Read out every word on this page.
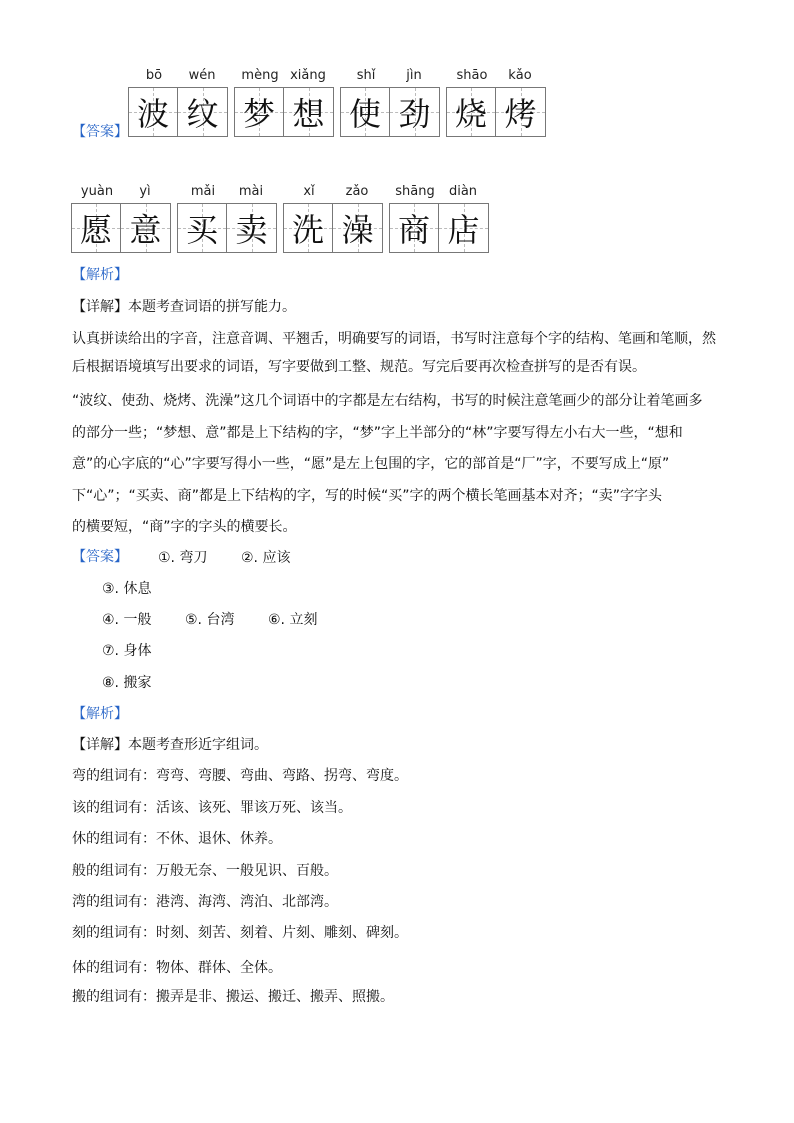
bō	wén	mèng xiǎng	shǐ	jìn	shāo	kǎo
【答案】 波 纹 梦 想 使 劲 烧 烤
yuàn	yì	mǎi	mài	xǐ	zǎo	shāng	diàn
愿 意 买 卖 洗 澡 商 店
【解析】
【详解】本题考查词语的拼写能力。
认真拼读给出的字音，注意音调、平翘舌，明确要写的词语，书写时注意每个字的结构、笔画和笔顺，然
后根据语境填写出要求的词语，写字要做到工整、规范。写完后要再次检查拼写的是否有误。
“波纹、使劲、烧烤、洗澡”这几个词语中的字都是左右结构，书写的时候注意笔画少的部分让着笔画多
的部分一些；“梦想、意”都是上下结构的字，“梦”字上半部分的“林”字要写得左小右大一些，“想和
意”的心字底的“心”字要写得小一些，“愿”是左上包围的字，它的部首是“厂”字，不要写成上“原”
下“心”；“买卖、商”都是上下结构的字，写的时候“买”字的两个横长笔画基本对齐；“卖”字字头
的横要短，“商”字的字头的横要长。
【答案】 ①. 弯刀 ②. 应该
③. 休息
④. 一般 ⑤. 台湾 ⑥. 立刻
⑦. 身体
⑧. 搬家
【解析】
【详解】本题考查形近字组词。
弯的组词有：弯弯、弯腰、弯曲、弯路、拐弯、弯度。
该的组词有：活该、该死、罪该万死、该当。
休的组词有：不休、退休、休养。
般的组词有：万般无奈、一般见识、百般。
湾的组词有：港湾、海湾、湾泊、北部湾。
刻的组词有：时刻、刻苦、刻着、片刻、雕刻、碑刻。
体的组词有：物体、群体、全体。
搬的组词有：搬弄是非、搬运、搬迁、搬弄、照搬。
